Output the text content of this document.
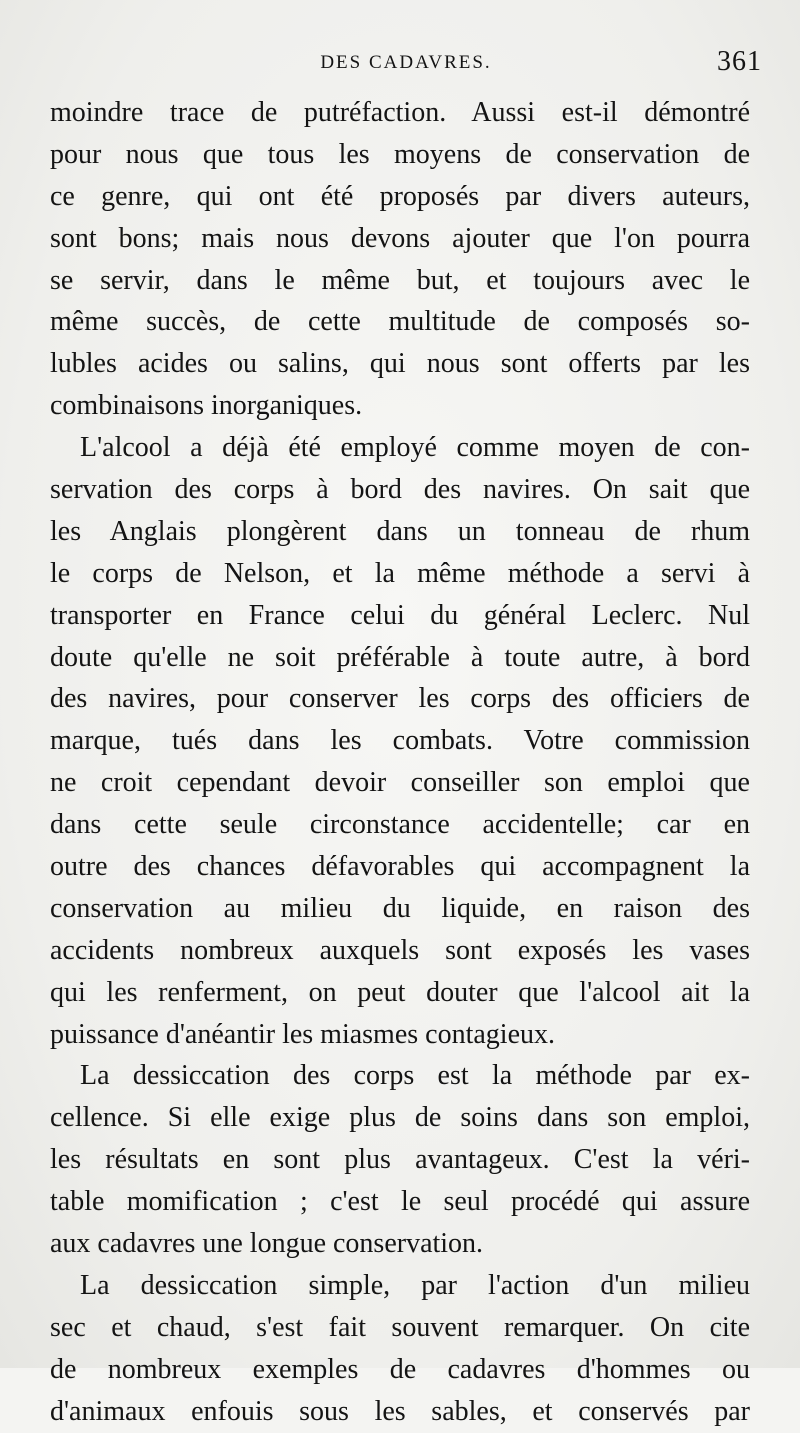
DES CADAVRES.	361
moindre trace de putréfaction. Aussi est-il démontré
pour nous que tous les moyens de conservation de
ce genre, qui ont été proposés par divers auteurs,
sont bons; mais nous devons ajouter que l'on pourra
se servir, dans le même but, et toujours avec le
même succès, de cette multitude de composés so-
lubles acides ou salins, qui nous sont offerts par les
combinaisons inorganiques.
L'alcool a déjà été employé comme moyen de con-
servation des corps à bord des navires. On sait que
les Anglais plongèrent dans un tonneau de rhum
le corps de Nelson, et la même méthode a servi à
transporter en France celui du général Leclerc. Nul
doute qu'elle ne soit préférable à toute autre, à bord
des navires, pour conserver les corps des officiers de
marque, tués dans les combats. Votre commission
ne croit cependant devoir conseiller son emploi que
dans cette seule circonstance accidentelle; car en
outre des chances défavorables qui accompagnent la
conservation au milieu du liquide, en raison des
accidents nombreux auxquels sont exposés les vases
qui les renferment, on peut douter que l'alcool ait la
puissance d'anéantir les miasmes contagieux.
La dessiccation des corps est la méthode par ex-
cellence. Si elle exige plus de soins dans son emploi,
les résultats en sont plus avantageux. C'est la véri-
table momification ; c'est le seul procédé qui assure
aux cadavres une longue conservation.
La dessiccation simple, par l'action d'un milieu
sec et chaud, s'est fait souvent remarquer. On cite
de nombreux exemples de cadavres d'hommes ou
d'animaux enfouis sous les sables, et conservés par
